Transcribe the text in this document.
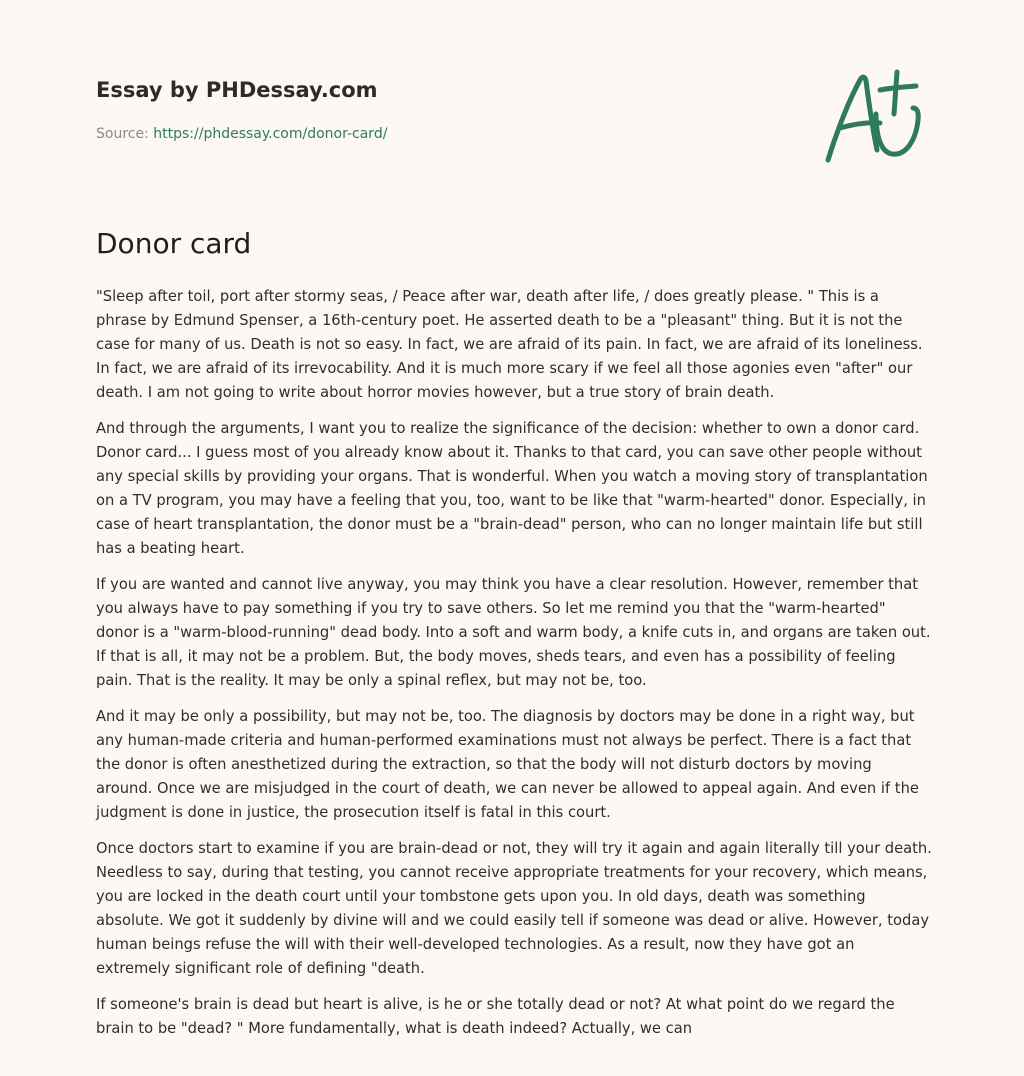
Essay by PHDessay.com
Source: https://phdessay.com/donor-card/
Donor card

"Sleep after toil, port after stormy seas, / Peace after war, death after life, / does greatly please. " This is a phrase by Edmund Spenser, a 16th-century poet. He asserted death to be a "pleasant" thing. But it is not the case for many of us. Death is not so easy. In fact, we are afraid of its pain. In fact, we are afraid of its loneliness. In fact, we are afraid of its irrevocability. And it is much more scary if we feel all those agonies even "after" our death. I am not going to write about horror movies however, but a true story of brain death.

And through the arguments, I want you to realize the significance of the decision: whether to own a donor card. Donor card... I guess most of you already know about it. Thanks to that card, you can save other people without any special skills by providing your organs. That is wonderful. When you watch a moving story of transplantation on a TV program, you may have a feeling that you, too, want to be like that "warm-hearted" donor. Especially, in case of heart transplantation, the donor must be a "brain-dead" person, who can no longer maintain life but still has a beating heart.

If you are wanted and cannot live anyway, you may think you have a clear resolution. However, remember that you always have to pay something if you try to save others. So let me remind you that the "warm-hearted" donor is a "warm-blood-running" dead body. Into a soft and warm body, a knife cuts in, and organs are taken out. If that is all, it may not be a problem. But, the body moves, sheds tears, and even has a possibility of feeling pain. That is the reality. It may be only a spinal reflex, but may not be, too.

And it may be only a possibility, but may not be, too. The diagnosis by doctors may be done in a right way, but any human-made criteria and human-performed examinations must not always be perfect. There is a fact that the donor is often anesthetized during the extraction, so that the body will not disturb doctors by moving around. Once we are misjudged in the court of death, we can never be allowed to appeal again. And even if the judgment is done in justice, the prosecution itself is fatal in this court.

Once doctors start to examine if you are brain-dead or not, they will try it again and again literally till your death. Needless to say, during that testing, you cannot receive appropriate treatments for your recovery, which means, you are locked in the death court until your tombstone gets upon you. In old days, death was something absolute. We got it suddenly by divine will and we could easily tell if someone was dead or alive. However, today human beings refuse the will with their well-developed technologies. As a result, now they have got an extremely significant role of defining "death.

If someone's brain is dead but heart is alive, is he or she totally dead or not? At what point do we regard the brain to be "dead? " More fundamentally, what is death indeed? Actually, we can
